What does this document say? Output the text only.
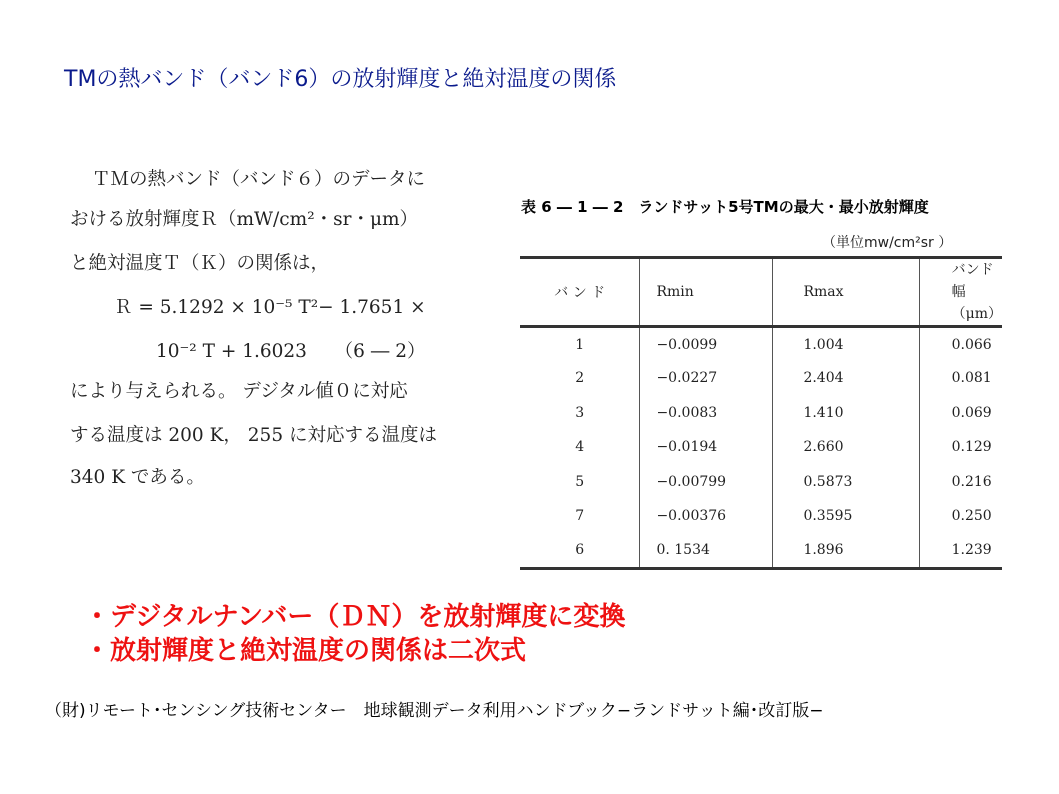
TMの熱バンド（バンド6）の放射輝度と絶対温度の関係
ＴＭの熱バンド（バンド６）のデータに
おける放射輝度Ｒ（mW/cm²・sr・μm）
と絶対温度Ｔ（Ｋ）の関係は，
Ｒ = 5.1292 × 10⁻⁵ T²− 1.7651 ×
10⁻² T + 1.6023　　（6 ― 2）
により与えられる。 デジタル値０に対応
する温度は 200 K， 255 に対応する温度は
340 K である。
表 6 ― 1 ― 2　ランドサット5号TMの最大・最小放射輝度
（単位mw/cm²sr ）
バ ン ド	Rmin	Rmax	バンド幅
（μm）
1	−0.0099	1.004	0.066
2	−0.0227	2.404	0.081
3	−0.0083	1.410	0.069
4	−0.0194	2.660	0.129
5	−0.00799	0.5873	0.216
7	−0.00376	0.3595	0.250
6	0. 1534	1.896	1.239
・デジタルナンバー（ＤＮ）を放射輝度に変換
・放射輝度と絶対温度の関係は二次式
（財)リモート･センシング技術センター　地球観測データ利用ハンドブック−ランドサット編･改訂版−
